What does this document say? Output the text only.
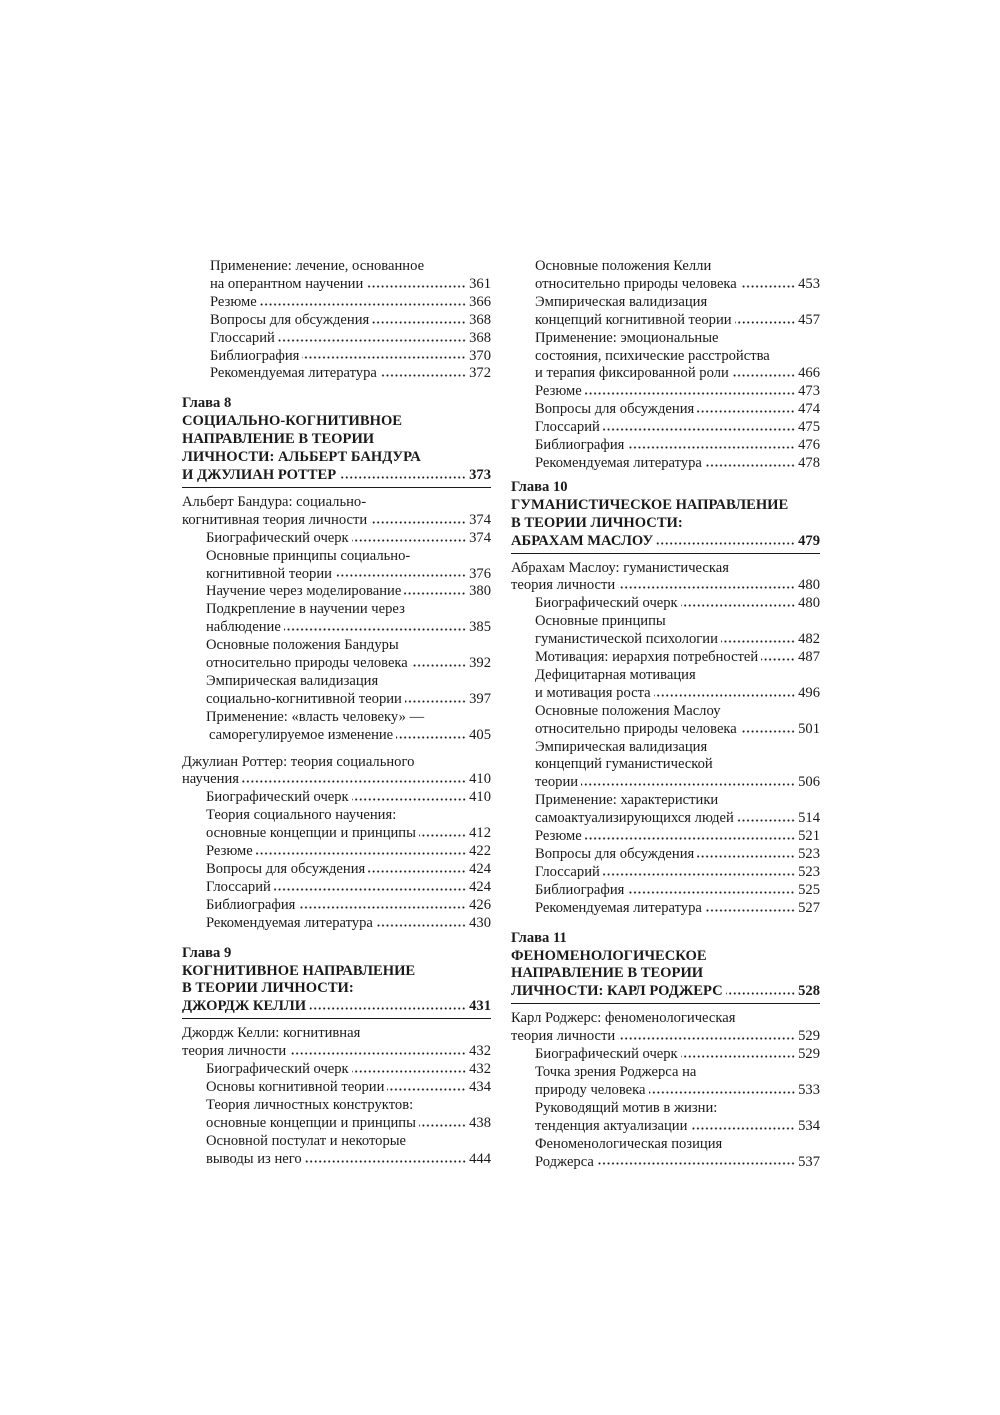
Применение: лечение, основанное
на оперантном научении	361
Резюме	366
Вопросы для обсуждения	368
Глоссарий	368
Библиография	370
Рекомендуемая литература	372
Глава 8
СОЦИАЛЬНО-КОГНИТИВНОЕ
НАПРАВЛЕНИЕ В ТЕОРИИ
ЛИЧНОСТИ: АЛЬБЕРТ БАНДУРА
И ДЖУЛИАН РОТТЕР	373
Альберт Бандура: социально-
когнитивная теория личности	374
Биографический очерк	374
Основные принципы социально-
когнитивной теории	376
Научение через моделирование	380
Подкрепление в научении через
наблюдение	385
Основные положения Бандуры
относительно природы человека	392
Эмпирическая валидизация
социально-когнитивной теории	397
Применение: «власть человеку» —
саморегулируемое изменение	405
Джулиан Роттер: теория социального
научения	410
Биографический очерк	410
Теория социального научения:
основные концепции и принципы	412
Резюме	422
Вопросы для обсуждения	424
Глоссарий	424
Библиография	426
Рекомендуемая литература	430
Глава 9
КОГНИТИВНОЕ НАПРАВЛЕНИЕ
В ТЕОРИИ ЛИЧНОСТИ:
ДЖОРДЖ КЕЛЛИ	431
Джордж Келли: когнитивная
теория личности	432
Биографический очерк	432
Основы когнитивной теории	434
Теория личностных конструктов:
основные концепции и принципы	438
Основной постулат и некоторые
выводы из него	444
Основные положения Келли
относительно природы человека	453
Эмпирическая валидизация
концепций когнитивной теории	457
Применение: эмоциональные
состояния, психические расстройства
и терапия фиксированной роли	466
Резюме	473
Вопросы для обсуждения	474
Глоссарий	475
Библиография	476
Рекомендуемая литература	478
Глава 10
ГУМАНИСТИЧЕСКОЕ НАПРАВЛЕНИЕ
В ТЕОРИИ ЛИЧНОСТИ:
АБРАХАМ МАСЛОУ	479
Абрахам Маслоу: гуманистическая
теория личности	480
Биографический очерк	480
Основные принципы
гуманистической психологии	482
Мотивация: иерархия потребностей	487
Дефицитарная мотивация
и мотивация роста	496
Основные положения Маслоу
относительно природы человека	501
Эмпирическая валидизация
концепций гуманистической
теории	506
Применение: характеристики
самоактуализирующихся людей	514
Резюме	521
Вопросы для обсуждения	523
Глоссарий	523
Библиография	525
Рекомендуемая литература	527
Глава 11
ФЕНОМЕНОЛОГИЧЕСКОЕ
НАПРАВЛЕНИЕ В ТЕОРИИ
ЛИЧНОСТИ: КАРЛ РОДЖЕРС	528
Карл Роджерс: феноменологическая
теория личности	529
Биографический очерк	529
Точка зрения Роджерса на
природу человека	533
Руководящий мотив в жизни:
тенденция актуализации	534
Феноменологическая позиция
Роджерса	537
